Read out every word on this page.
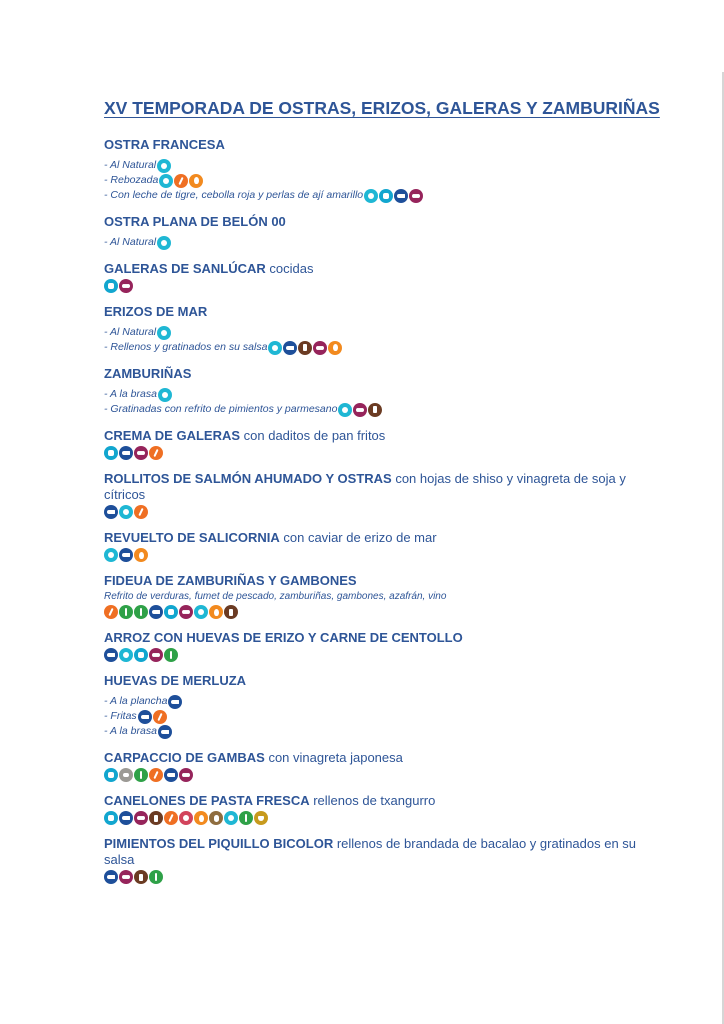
XV TEMPORADA DE OSTRAS, ERIZOS, GALERAS Y ZAMBURIÑAS
OSTRA FRANCESA
- Al Natural
- Rebozada
- Con leche de tigre, cebolla roja y perlas de ají amarillo
OSTRA PLANA DE BELÓN 00
- Al Natural
GALERAS DE SANLÚCAR cocidas
ERIZOS DE MAR
- Al Natural
- Rellenos y gratinados en su salsa
ZAMBURIÑAS
- A la brasa
- Gratinadas con refrito de pimientos y parmesano
CREMA DE GALERAS con daditos de pan fritos
ROLLITOS DE SALMÓN AHUMADO Y OSTRAS con hojas de shiso y vinagreta de soja y cítricos
REVUELTO DE SALICORNIA con caviar de erizo de mar
FIDEUA DE ZAMBURIÑAS Y GAMBONES
Refrito de verduras, fumet de pescado, zamburiñas, gambones, azafrán, vino
ARROZ CON HUEVAS DE ERIZO Y CARNE DE CENTOLLO
HUEVAS DE MERLUZA
- A la plancha
- Fritas
- A la brasa
CARPACCIO DE GAMBAS con vinagreta japonesa
CANELONES DE PASTA FRESCA rellenos de txangurro
PIMIENTOS DEL PIQUILLO BICOLOR rellenos de brandada de bacalao y gratinados en su salsa
